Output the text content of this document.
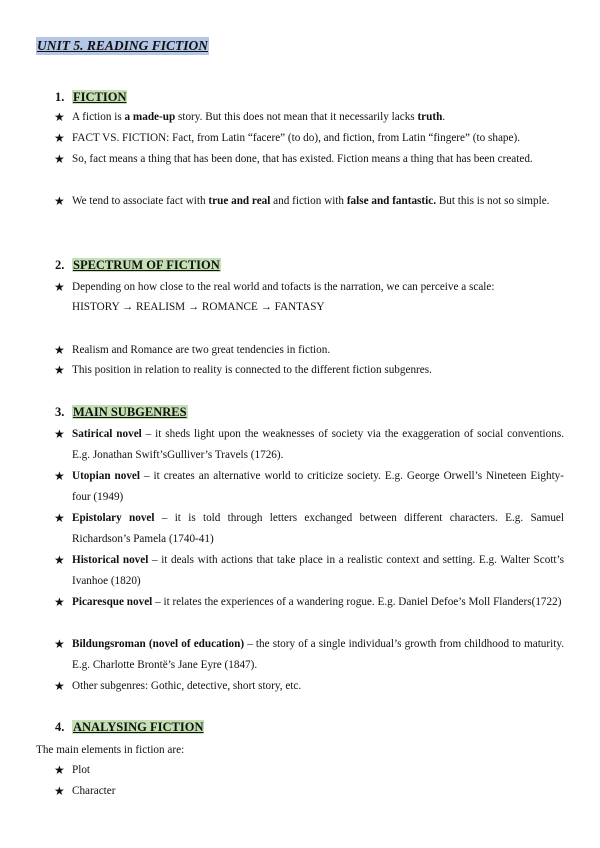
UNIT 5. READING FICTION
1. FICTION
★ A fiction is a made-up story. But this does not mean that it necessarily lacks truth.
★ FACT VS. FICTION: Fact, from Latin “facere” (to do), and fiction, from Latin “fingere” (to shape).
★ So, fact means a thing that has been done, that has existed. Fiction means a thing that has been created.
★ We tend to associate fact with true and real and fiction with false and fantastic. But this is not so simple.
2. SPECTRUM OF FICTION
★ Depending on how close to the real world and tofacts is the narration, we can perceive a scale:
HISTORY → REALISM → ROMANCE → FANTASY
★ Realism and Romance are two great tendencies in fiction.
★ This position in relation to reality is connected to the different fiction subgenres.
3. MAIN SUBGENRES
★ Satirical novel – it sheds light upon the weaknesses of society via the exaggeration of social conventions. E.g. Jonathan Swift’sGulliver’s Travels (1726).
★ Utopian novel – it creates an alternative world to criticize society. E.g. George Orwell’s Nineteen Eighty-four (1949)
★ Epistolary novel – it is told through letters exchanged between different characters. E.g. Samuel Richardson’s Pamela (1740-41)
★ Historical novel – it deals with actions that take place in a realistic context and setting. E.g. Walter Scott’s Ivanhoe (1820)
★ Picaresque novel – it relates the experiences of a wandering rogue. E.g. Daniel Defoe’s Moll Flanders(1722)
★ Bildungsroman (novel of education) – the story of a single individual’s growth from childhood to maturity. E.g. Charlotte Brontë’s Jane Eyre (1847).
★ Other subgenres: Gothic, detective, short story, etc.
4. ANALYSING FICTION
The main elements in fiction are:
★ Plot
★ Character
